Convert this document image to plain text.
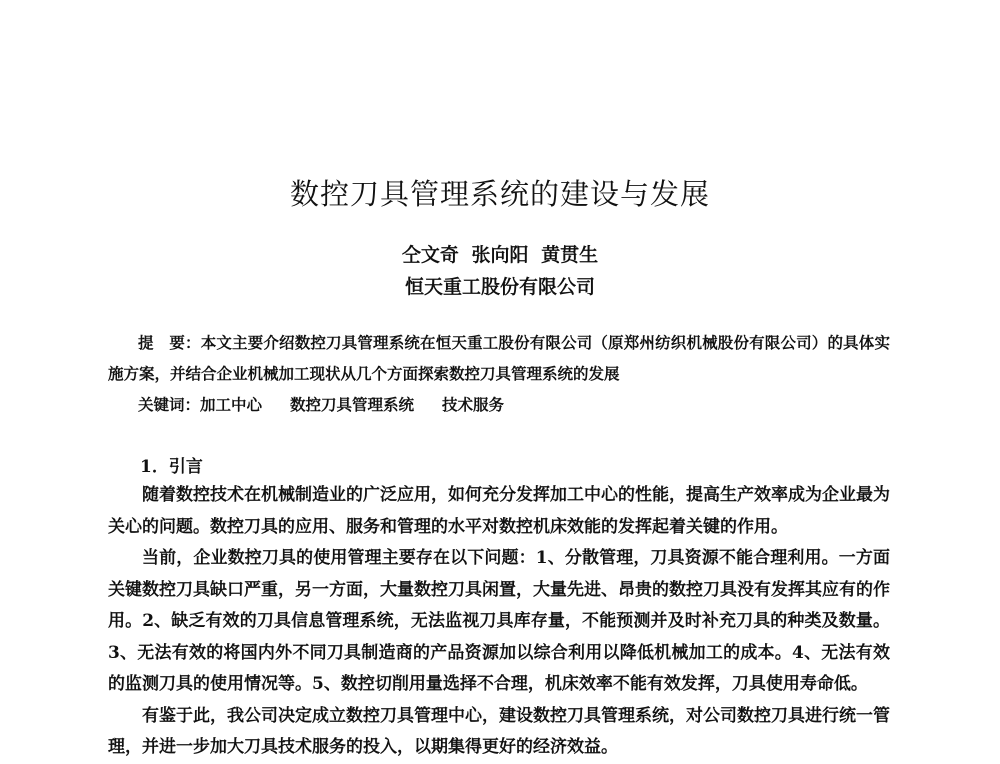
数控刀具管理系统的建设与发展
仝文奇 张向阳 黄贯生
恒天重工股份有限公司
提　要：本文主要介绍数控刀具管理系统在恒天重工股份有限公司（原郑州纺织机械股份有限公司）的具体实施方案，并结合企业机械加工现状从几个方面探索数控刀具管理系统的发展
关键词：加工中心 数控刀具管理系统 技术服务
1．引言

随着数控技术在机械制造业的广泛应用，如何充分发挥加工中心的性能，提高生产效率成为企业最为关心的问题。数控刀具的应用、服务和管理的水平对数控机床效能的发挥起着关键的作用。

当前，企业数控刀具的使用管理主要存在以下问题：1、分散管理，刀具资源不能合理利用。一方面关键数控刀具缺口严重，另一方面，大量数控刀具闲置，大量先进、昂贵的数控刀具没有发挥其应有的作用。2、缺乏有效的刀具信息管理系统，无法监视刀具库存量，不能预测并及时补充刀具的种类及数量。3、无法有效的将国内外不同刀具制造商的产品资源加以综合利用以降低机械加工的成本。4、无法有效的监测刀具的使用情况等。5、数控切削用量选择不合理，机床效率不能有效发挥，刀具使用寿命低。

有鉴于此，我公司决定成立数控刀具管理中心，建设数控刀具管理系统，对公司数控刀具进行统一管理，并进一步加大刀具技术服务的投入，以期集得更好的经济效益。
